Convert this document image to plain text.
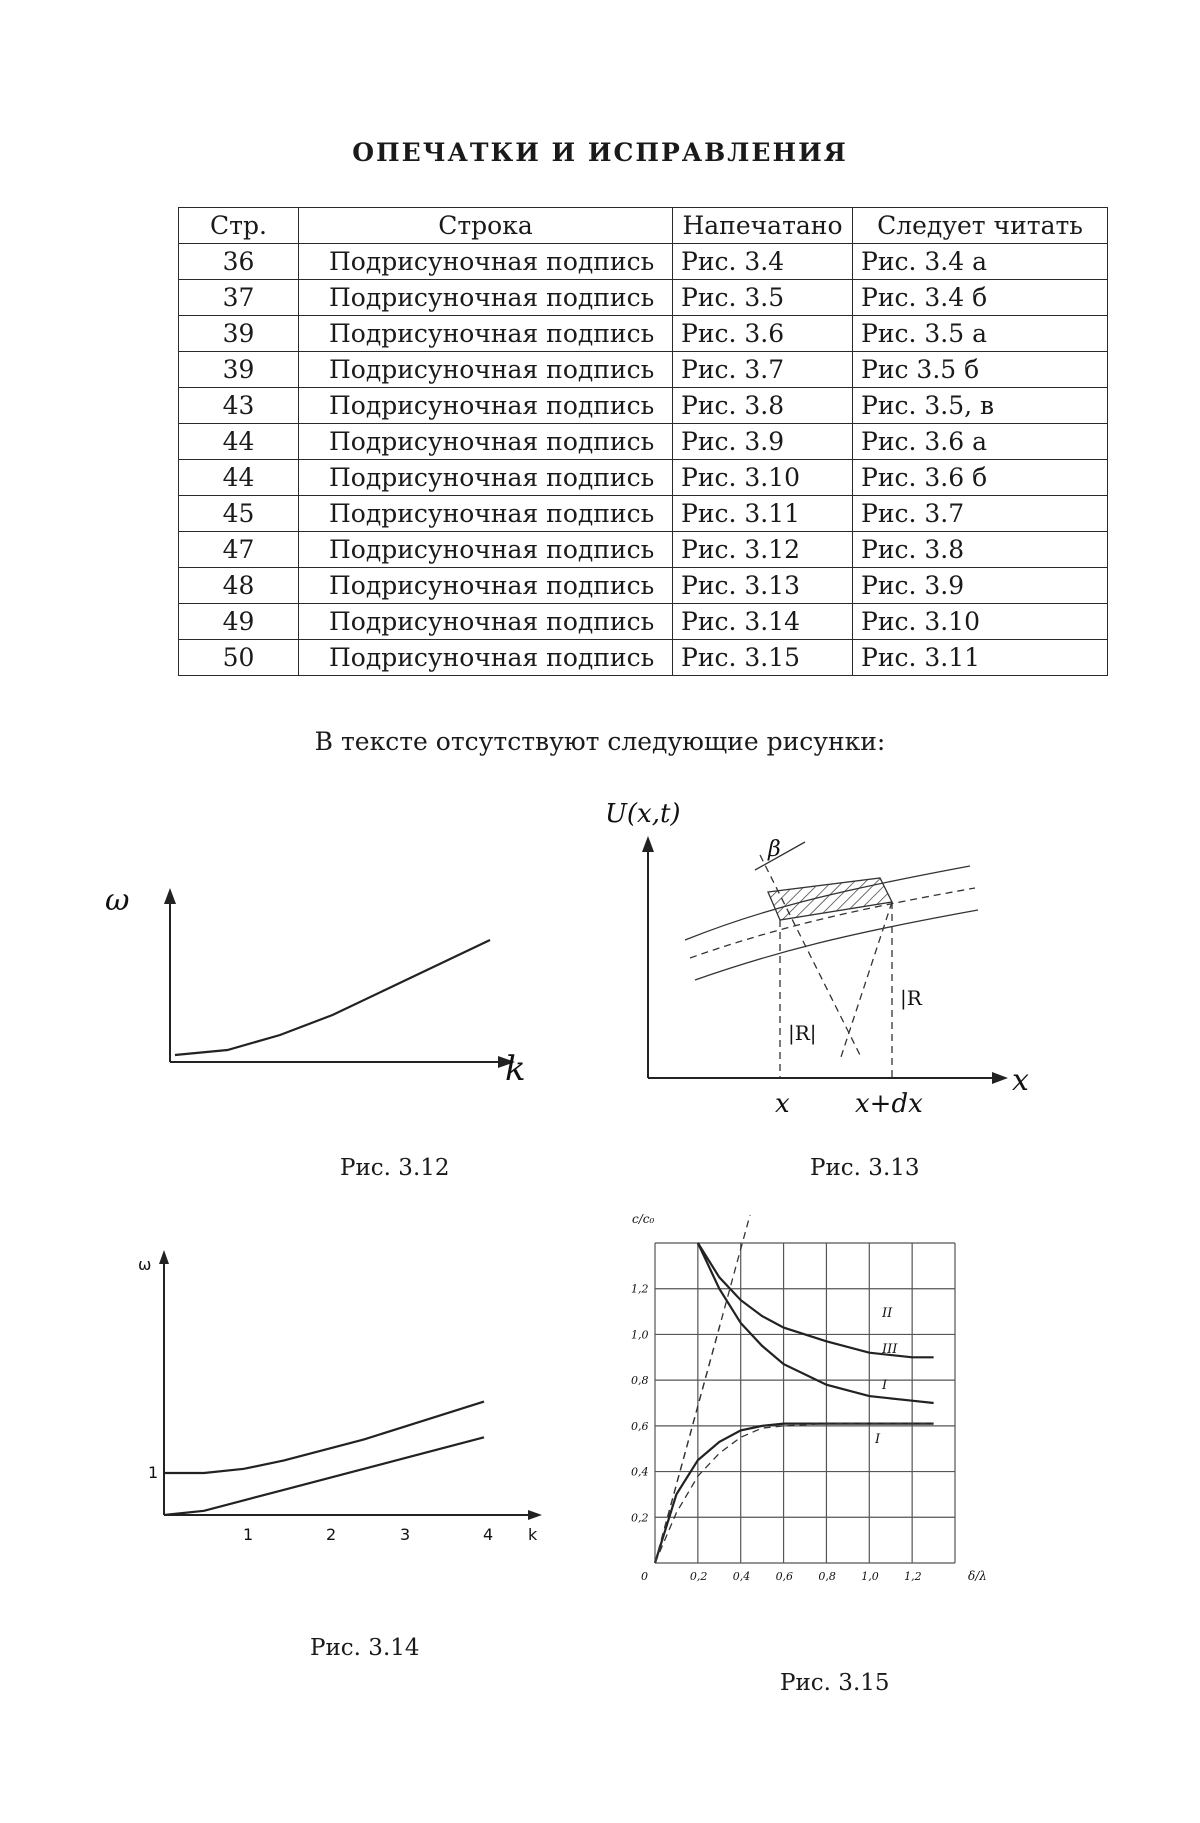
ОПЕЧАТКИ И ИСПРАВЛЕНИЯ
Стр.	Строка	Напечатано	Следует читать
36	Подрисуночная подпись	Рис. 3.4	Рис. 3.4 а
37	Подрисуночная подпись	Рис. 3.5	Рис. 3.4 б
39	Подрисуночная подпись	Рис. 3.6	Рис. 3.5 а
39	Подрисуночная подпись	Рис. 3.7	Рис 3.5 б
43	Подрисуночная подпись	Рис. 3.8	Рис. 3.5, в
44	Подрисуночная подпись	Рис. 3.9	Рис. 3.6 а
44	Подрисуночная подпись	Рис. 3.10	Рис. 3.6 б
45	Подрисуночная подпись	Рис. 3.11	Рис. 3.7
47	Подрисуночная подпись	Рис. 3.12	Рис. 3.8
48	Подрисуночная подпись	Рис. 3.13	Рис. 3.9
49	Подрисуночная подпись	Рис. 3.14	Рис. 3.10
50	Подрисуночная подпись	Рис. 3.15	Рис. 3.11
В тексте отсутствуют следующие рисунки:
ω
k
Рис. 3.12
U(x,t)
x
β
|R|
|R
x	x+dx
Рис. 3.13
ω
k
1
1	2	3	4
Рис. 3.14
c/c₀
1,2
1,0
0,8
0,6
0,4
0,2
0	0,2 0,4 0,6 0,8 1,0 1,2	δ/λ
II
III
I
I
Рис. 3.15
